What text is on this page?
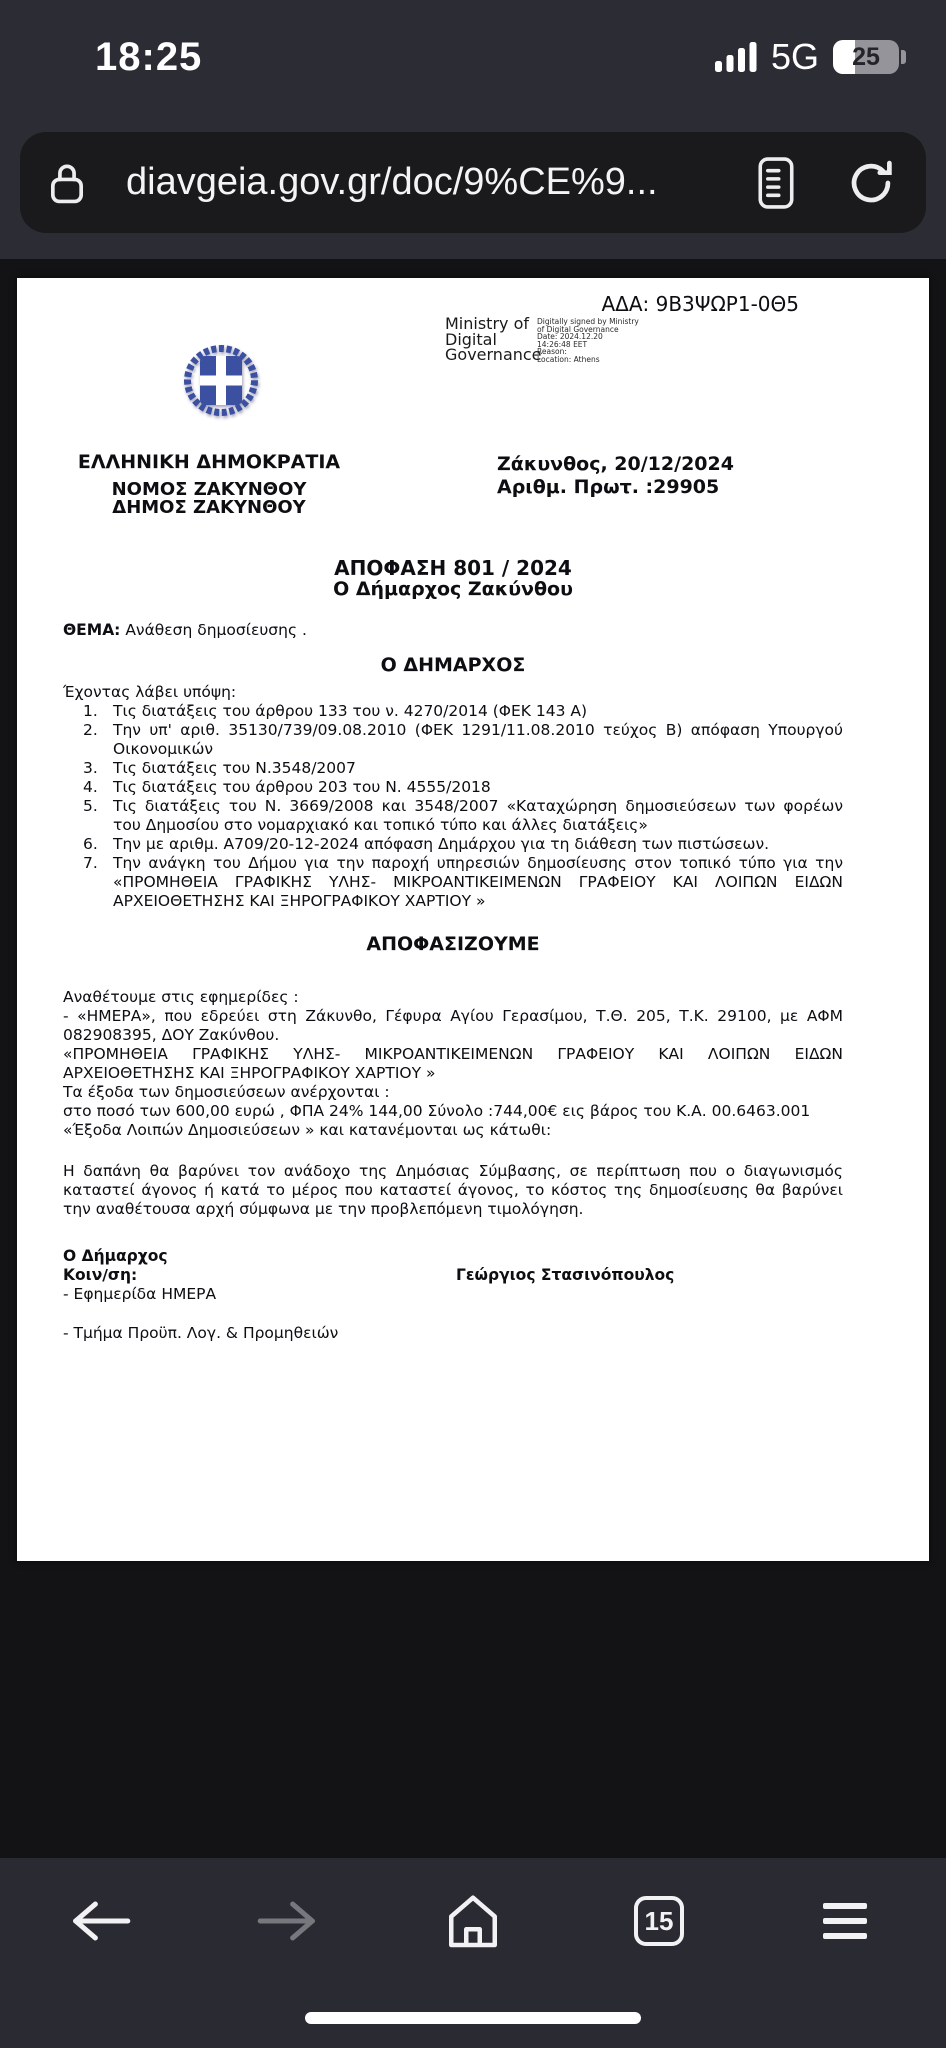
18:25	5G	25
diavgeia.gov.gr/doc/9%CE%9...
ΑΔΑ: 9Β3ΨΩΡ1-0Θ5
Ministry of
Digital
Governance
Digitally signed by Ministry
of Digital Governance
Date: 2024.12.20
14:26:48 EET
Reason:
Location: Athens
ΕΛΛΗΝΙΚΗ ΔΗΜΟΚΡΑΤΙΑ
ΝΟΜΟΣ ΖΑΚΥΝΘΟΥ
ΔΗΜΟΣ ΖΑΚΥΝΘΟΥ
Ζάκυνθος, 20/12/2024
Αριθμ. Πρωτ. :29905
ΑΠΟΦΑΣΗ 801 / 2024
Ο Δήμαρχος Ζακύνθου

ΘΕΜΑ: Ανάθεση δημοσίευσης .

Ο ΔΗΜΑΡΧΟΣ

Έχοντας λάβει υπόψη:

Τις διατάξεις του άρθρου 133 του ν. 4270/2014 (ΦΕΚ 143 Α)
Την υπ' αριθ. 35130/739/09.08.2010 (ΦΕΚ 1291/11.08.2010 τεύχος Β) απόφαση Υπουργού Οικονομικών
Τις διατάξεις του Ν.3548/2007
Τις διατάξεις του άρθρου 203 του Ν. 4555/2018
Τις διατάξεις του Ν. 3669/2008 και 3548/2007 «Καταχώρηση δημοσιεύσεων των φορέων του Δημοσίου στο νομαρχιακό και τοπικό τύπο και άλλες διατάξεις»
Την με αριθμ. Α709/20-12-2024 απόφαση Δημάρχου για τη διάθεση των πιστώσεων.
Την ανάγκη του Δήμου για την παροχή υπηρεσιών δημοσίευσης στον τοπικό τύπο για την «ΠΡΟΜΗΘΕΙΑ ΓΡΑΦΙΚΗΣ ΥΛΗΣ- ΜΙΚΡΟΑΝΤΙΚΕΙΜΕΝΩΝ ΓΡΑΦΕΙΟΥ ΚΑΙ ΛΟΙΠΩΝ ΕΙΔΩΝ ΑΡΧΕΙΟΘΕΤΗΣΗΣ ΚΑΙ ΞΗΡΟΓΡΑΦΙΚΟΥ ΧΑΡΤΙΟΥ »
ΑΠΟΦΑΣΙΖΟΥΜΕ

Αναθέτουμε στις εφημερίδες :

- «ΗΜΕΡΑ», που εδρεύει στη Ζάκυνθο, Γέφυρα Αγίου Γερασίμου, Τ.Θ. 205, Τ.Κ. 29100, με ΑΦΜ 082908395, ΔΟΥ Ζακύνθου.

«ΠΡΟΜΗΘΕΙΑ ΓΡΑΦΙΚΗΣ ΥΛΗΣ- ΜΙΚΡΟΑΝΤΙΚΕΙΜΕΝΩΝ ΓΡΑΦΕΙΟΥ ΚΑΙ ΛΟΙΠΩΝ ΕΙΔΩΝ ΑΡΧΕΙΟΘΕΤΗΣΗΣ ΚΑΙ ΞΗΡΟΓΡΑΦΙΚΟΥ ΧΑΡΤΙΟΥ »

Τα έξοδα των δημοσιεύσεων ανέρχονται :

στο ποσό των 600,00 ευρώ , ΦΠΑ 24% 144,00 Σύνολο :744,00€ εις βάρος του Κ.Α. 00.6463.001

«Έξοδα Λοιπών Δημοσιεύσεων » και κατανέμονται ως κάτωθι:

Η δαπάνη θα βαρύνει τον ανάδοχο της Δημόσιας Σύμβασης, σε περίπτωση που ο διαγωνισμός καταστεί άγονος ή κατά το μέρος που καταστεί άγονος, το κόστος της δημοσίευσης θα βαρύνει την αναθέτουσα αρχή σύμφωνα με την προβλεπόμενη τιμολόγηση.

Ο Δήμαρχος
Κοιν/ση:	Γεώργιος Στασινόπουλος
- Εφημερίδα ΗΜΕΡΑ
- Τμήμα Προϋπ. Λογ. & Προμηθειών
15
